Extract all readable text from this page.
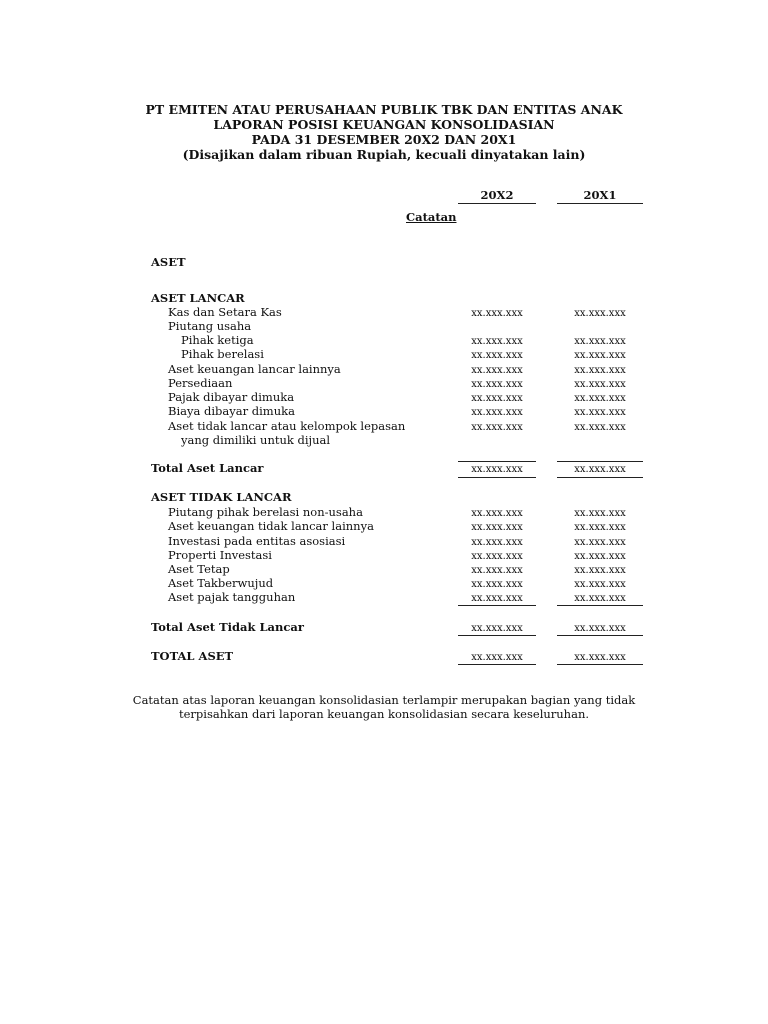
PT EMITEN ATAU PERUSAHAAN PUBLIK TBK DAN ENTITAS ANAK
LAPORAN POSISI KEUANGAN KONSOLIDASIAN
PADA 31 DESEMBER 20X2 DAN 20X1
(Disajikan dalam ribuan Rupiah, kecuali dinyatakan lain)
20X2	20X1
Catatan
ASET
ASET LANCAR
Kas dan Setara Kas	xx.xxx.xxx	xx.xxx.xxx
Piutang usaha
Pihak ketiga	xx.xxx.xxx	xx.xxx.xxx
Pihak berelasi	xx.xxx.xxx	xx.xxx.xxx
Aset keuangan lancar lainnya	xx.xxx.xxx	xx.xxx.xxx
Persediaan	xx.xxx.xxx	xx.xxx.xxx
Pajak dibayar dimuka	xx.xxx.xxx	xx.xxx.xxx
Biaya dibayar dimuka	xx.xxx.xxx	xx.xxx.xxx
Aset tidak lancar atau kelompok lepasan
yang dimiliki untuk dijual
xx.xxx.xxx	xx.xxx.xxx
Total Aset Lancar	xx.xxx.xxx	xx.xxx.xxx
ASET TIDAK LANCAR
Piutang pihak berelasi non-usaha	xx.xxx.xxx	xx.xxx.xxx
Aset keuangan tidak lancar lainnya	xx.xxx.xxx	xx.xxx.xxx
Investasi pada entitas asosiasi	xx.xxx.xxx	xx.xxx.xxx
Properti Investasi	xx.xxx.xxx	xx.xxx.xxx
Aset Tetap	xx.xxx.xxx	xx.xxx.xxx
Aset Takberwujud	xx.xxx.xxx	xx.xxx.xxx
Aset pajak tangguhan	xx.xxx.xxx	xx.xxx.xxx
Total Aset Tidak Lancar	xx.xxx.xxx	xx.xxx.xxx
TOTAL ASET	xx.xxx.xxx	xx.xxx.xxx
Catatan atas laporan keuangan konsolidasian terlampir merupakan bagian yang tidak
terpisahkan dari laporan keuangan konsolidasian secara keseluruhan.
